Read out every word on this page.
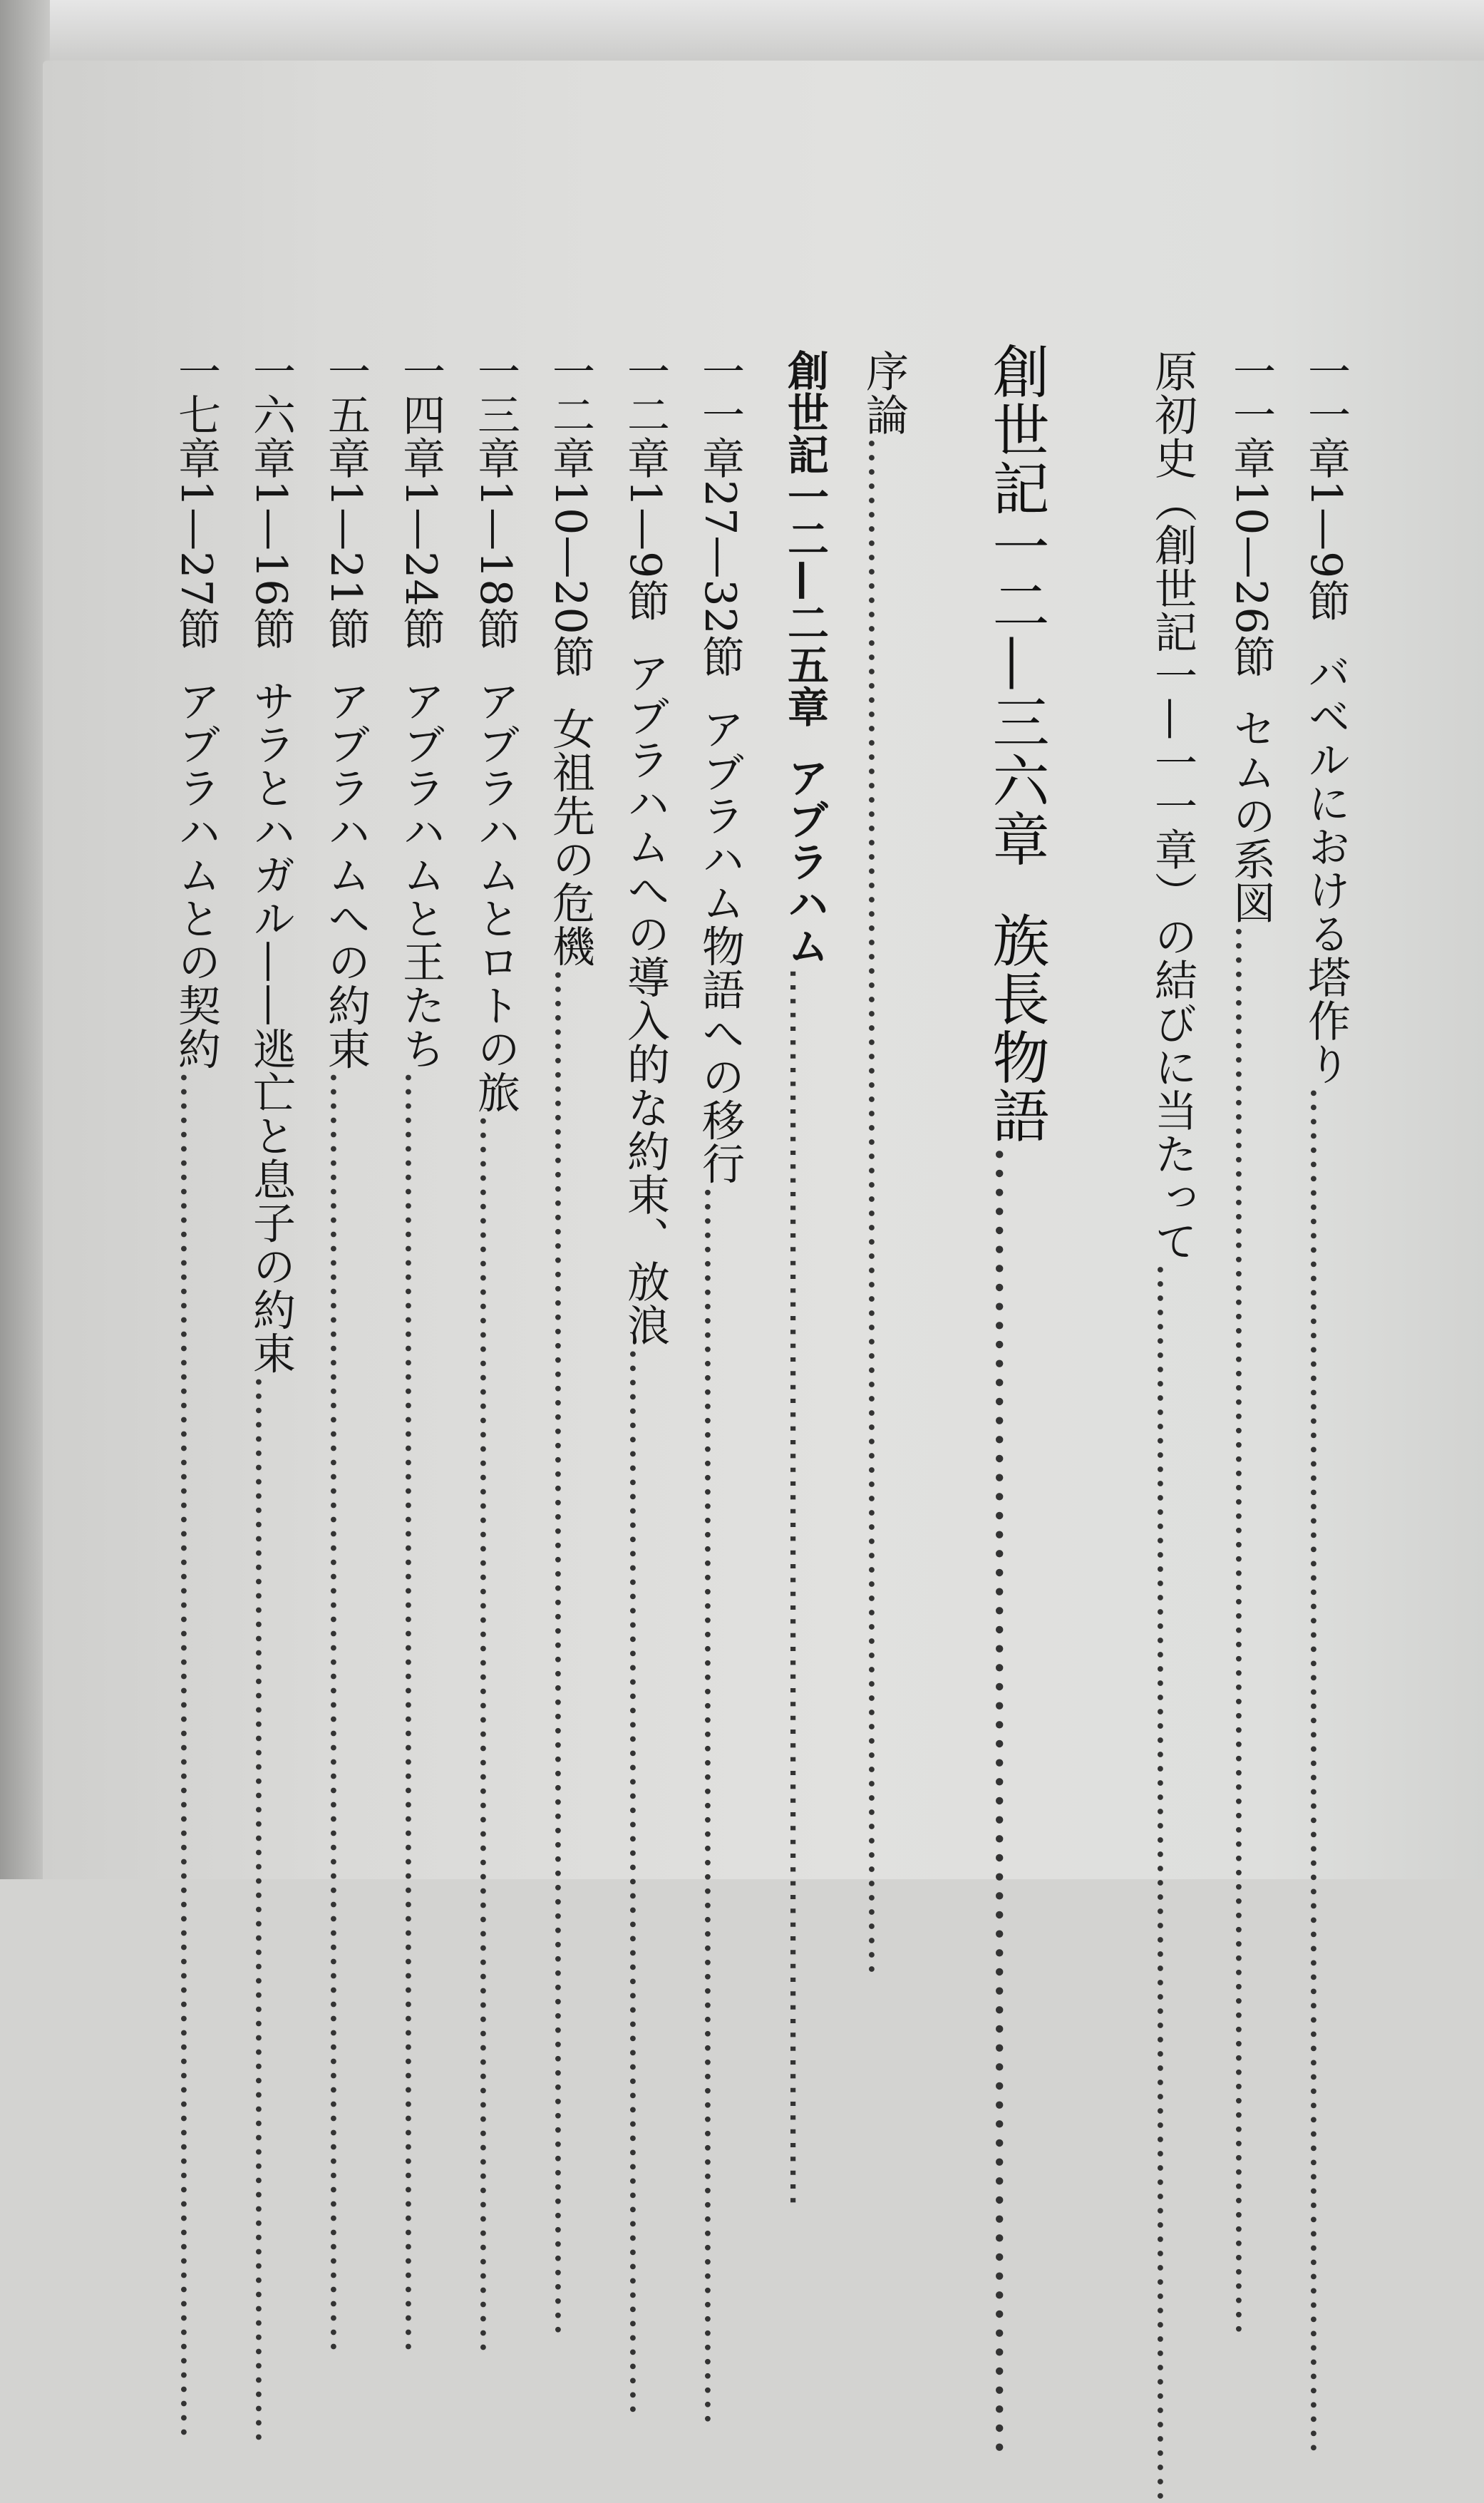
一一章1—9節バベルにおける塔作り……………………………………………………………………………………
一一章10—26節セムの系図………………………………………………………………………………………
原初史（創世記一—一一章）の結びに当たって……………………………………………………………………………
創世記一二—三六章族長物語……………………………………………………………
序論………………………………………………………………………………………………
創世記一二—二五章アブラハム………………………………………………………………………………
一一章27—32節アブラハム物語への移行……………………………………………………………………………
一二章1—9節アブラハムへの導入的な約束、放浪…………………………………………………………………
一二章10—20節女祖先の危機……………………………………………………………………………………
一三章1—18節アブラハムとロトの旅……………………………………………………………………………
一四章1—24節アブラハムと王たち………………………………………………………………………………
一五章1—21節アブラハムへの約束………………………………………………………………………………
一六章1—16節サラとハガル——逃亡と息子の約束…………………………………………………………………
一七章1—27節アブラハムとの契約……………………………………………………………………………………
